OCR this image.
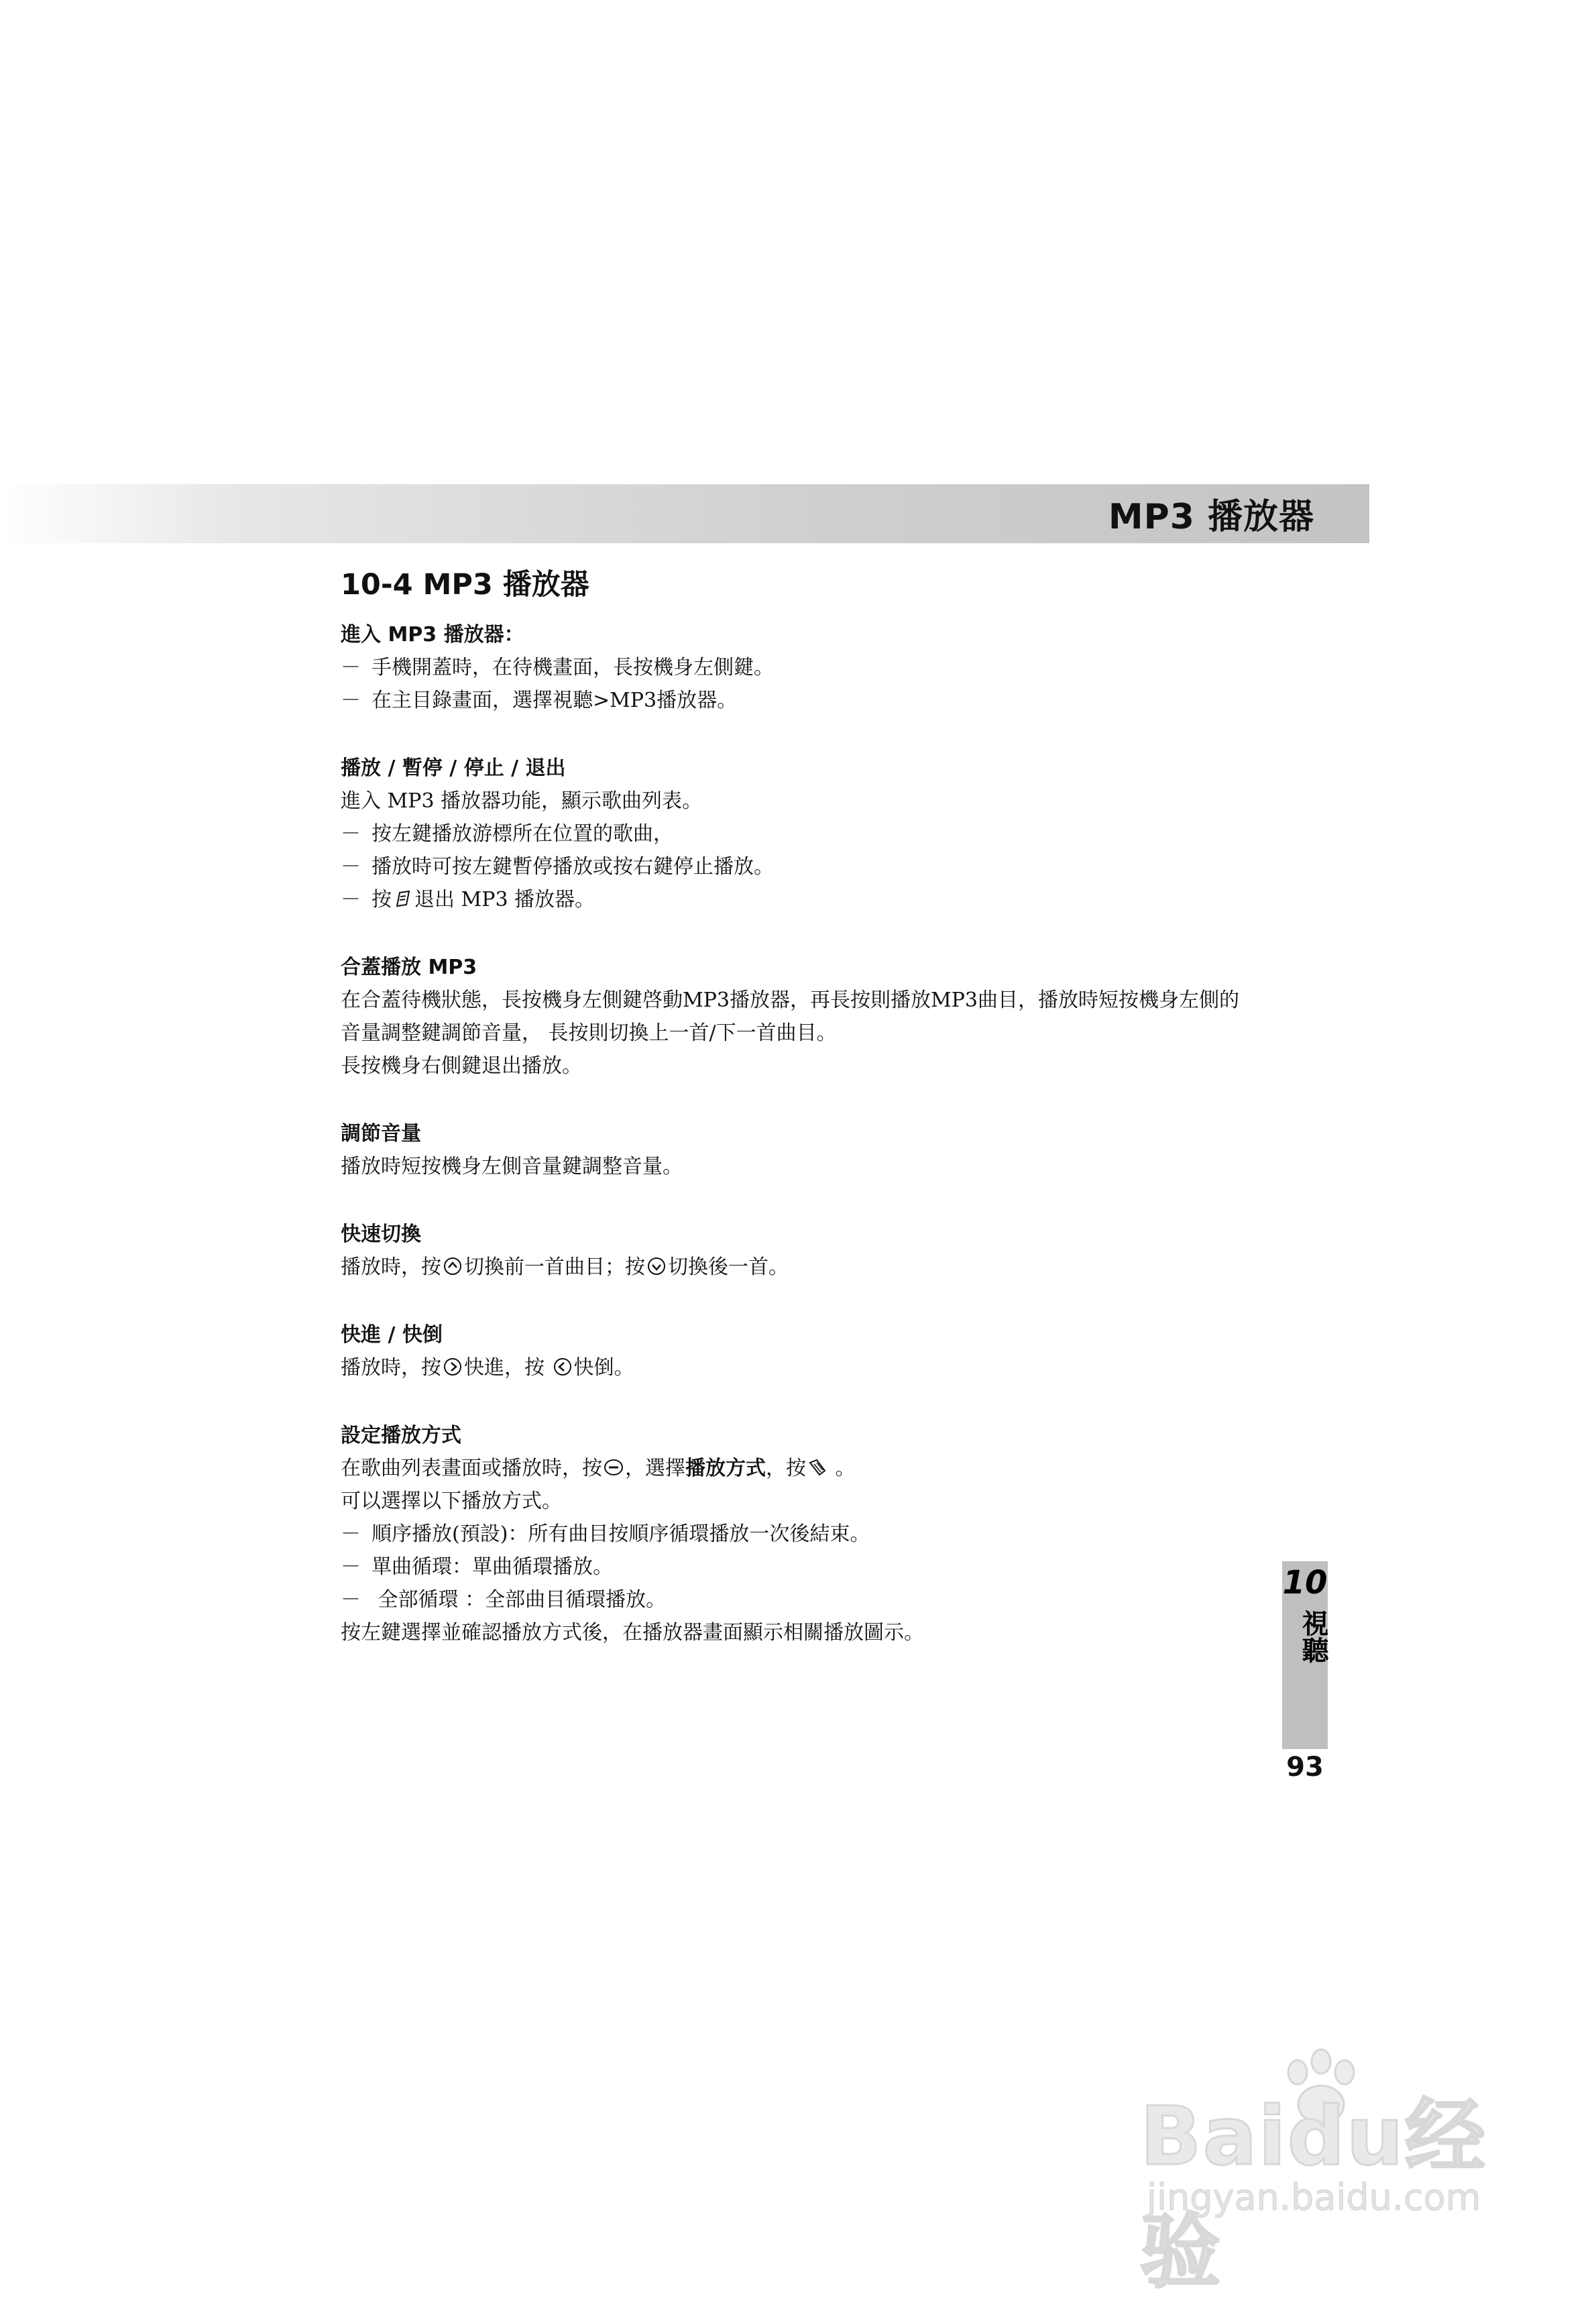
MP3 播放器
10-4 MP3 播放器

進入 MP3 播放器：

－ 手機開蓋時，在待機畫面，長按機身左側鍵。

－ 在主目錄畫面，選擇視聽>MP3播放器。

播放 / 暫停 / 停止 / 退出

進入 MP3 播放器功能，顯示歌曲列表。

－ 按左鍵播放游標所在位置的歌曲，

－ 播放時可按左鍵暫停播放或按右鍵停止播放。

－ 按 退出 MP3 播放器。

合蓋播放 MP3

在合蓋待機狀態，長按機身左側鍵啓動MP3播放器，再長按則播放MP3曲目，播放時短按機身左側的

音量調整鍵調節音量， 長按則切換上一首/下一首曲目。

長按機身右側鍵退出播放。

調節音量

播放時短按機身左側音量鍵調整音量。

快速切換

播放時，按 切換前一首曲目；按 切換後一首。

快進 / 快倒

播放時，按 快進，按
快倒。

設定播放方式

在歌曲列表畫面或播放時，按 ，選擇播放方式，按
。

可以選擇以下播放方式。

－ 順序播放(預設)：所有曲目按順序循環播放一次後結束。

－ 單曲循環：單曲循環播放。

－ 全部循環 ：全部曲目循環播放。

按左鍵選擇並確認播放方式後，在播放器畫面顯示相關播放圖示。

10
視聽
93
Baidu经验
jingyan.baidu.com
